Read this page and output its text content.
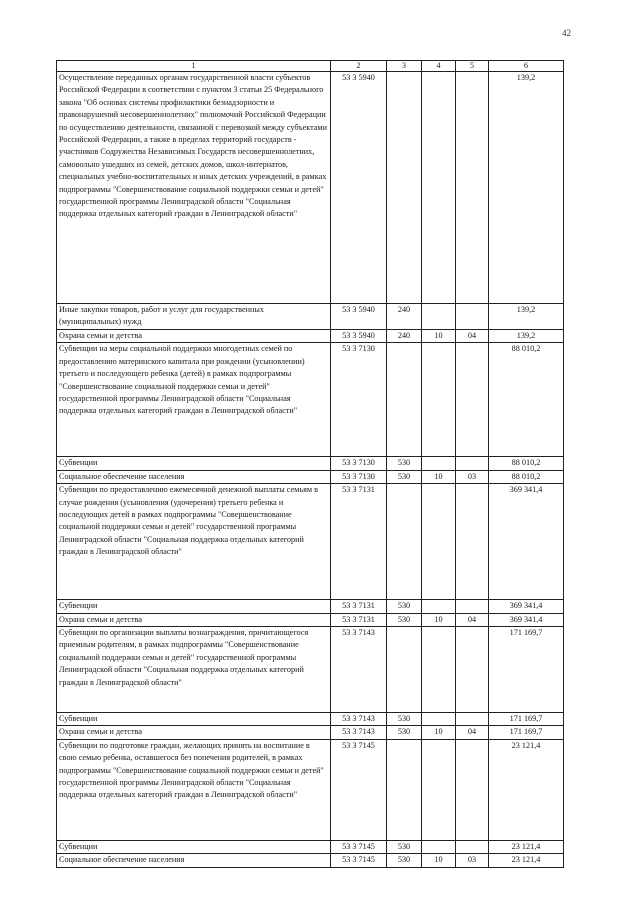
42
1	2	3	4	5	6
Осуществление переданных органам государственной власти субъектов Российской Федерации в соответствии с пунктом 3 статьи 25 Федерального закона "Об основах системы профилактики безнадзорности и правонарушений несовершеннолетних" полномочий Российской Федерации по осуществлению деятельности, связанной с перевозкой между субъектами Российской Федерации, а также в пределах территорий государств - участников Содружества Независимых Государств несовершеннолетних, самовольно ушедших из семей, детских домов, школ-интернатов, специальных учебно-воспитательных и иных детских учреждений, в рамках подпрограммы "Совершенствование социальной поддержки семьи и детей" государственной программы Ленинградской области "Социальная поддержка отдельных категорий граждан в Ленинградской области"	53 3 5940				139,2
Иные закупки товаров, работ и услуг для государственных (муниципальных) нужд	53 3 5940	240			139,2
Охрана семьи и детства	53 3 5940	240	10	04	139,2
Субвенции на меры социальной поддержки многодетных семей по предоставлению материнского капитала при рождении (усыновлении) третьего и последующего ребенка (детей) в рамках подпрограммы "Совершенствование социальной поддержки семьи и детей" государственной программы Ленинградской области "Социальная поддержка отдельных категорий граждан в Ленинградской области"	53 3 7130				88 010,2
Субвенции	53 3 7130	530			88 010,2
Социальное обеспечение населения	53 3 7130	530	10	03	88 010,2
Субвенции по предоставлению ежемесячной денежной выплаты семьям в случае рождения (усыновления (удочерения) третьего ребенка и последующих детей в рамках подпрограммы "Совершенствование социальной поддержки семьи и детей" государственной программы Ленинградской области "Социальная поддержка отдельных категорий граждан в Ленинградской области"	53 3 7131				369 341,4
Субвенции	53 3 7131	530			369 341,4
Охрана семьи и детства	53 3 7131	530	10	04	369 341,4
Субвенции по организации выплаты вознаграждения, причитающегося приемным родителям, в рамках подпрограммы "Совершенствование социальной поддержки семьи и детей" государственной программы Ленинградской области "Социальная поддержка отдельных категорий граждан в Ленинградской области"	53 3 7143				171 169,7
Субвенции	53 3 7143	530			171 169,7
Охрана семьи и детства	53 3 7143	530	10	04	171 169,7
Субвенции по подготовке граждан, желающих принять на воспитание в свою семью ребенка, оставшегося без попечения родителей, в рамках подпрограммы "Совершенствование социальной поддержки семьи и детей" государственной программы Ленинградской области "Социальная поддержка отдельных категорий граждан в Ленинградской области"	53 3 7145				23 121,4
Субвенции	53 3 7145	530			23 121,4
Социальное обеспечение населения	53 3 7145	530	10	03	23 121,4
